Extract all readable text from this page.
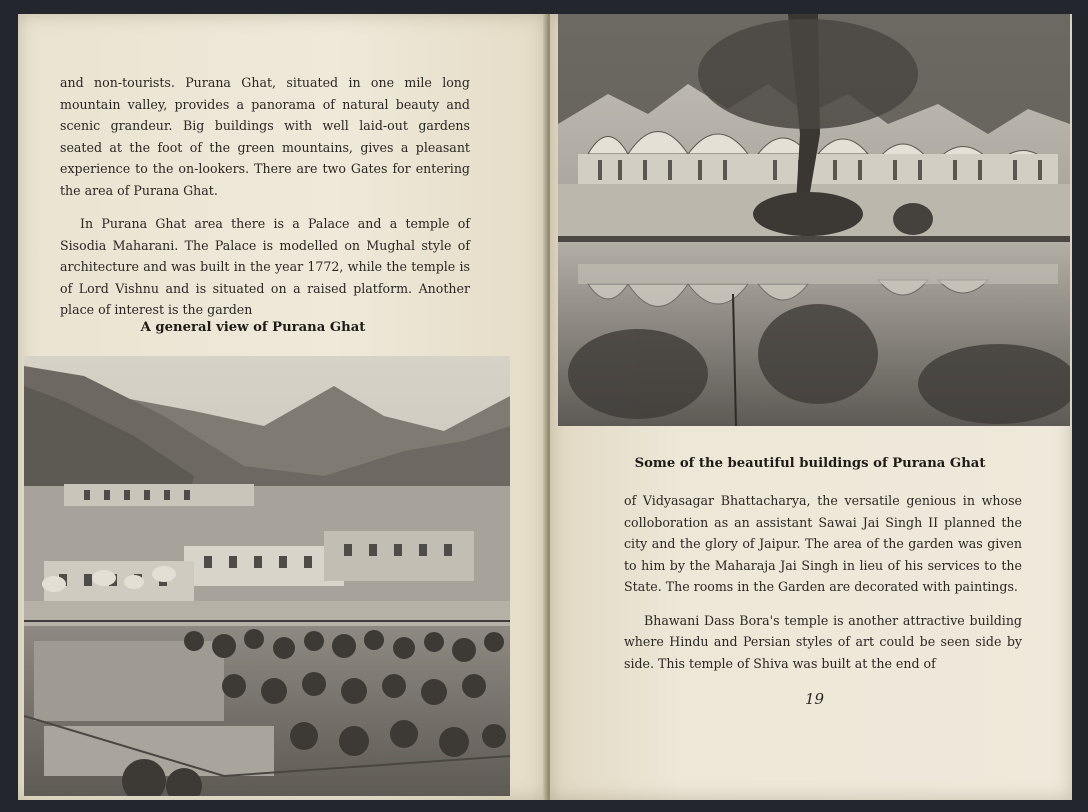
and non-tourists. Purana Ghat, situated in one mile long mountain valley, provides a panorama of natural beauty and scenic grandeur. Big buildings with well laid-out gardens seated at the foot of the green mountains, gives a pleasant experience to the on-lookers. There are two Gates for entering the area of Purana Ghat.

In Purana Ghat area there is a Palace and a temple of Sisodia Maharani. The Palace is modelled on Mughal style of architecture and was built in the year 1772, while the temple is of Lord Vishnu and is situated on a raised platform. Another place of interest is the garden

A general view of Purana Ghat
Some of the beautiful buildings of Purana Ghat

of Vidyasagar Bhattacharya, the versatile genious in whose colloboration as an assistant Sawai Jai Singh II planned the city and the glory of Jaipur. The area of the garden was given to him by the Maharaja Jai Singh in lieu of his services to the State. The rooms in the Garden are decorated with paintings.

Bhawani Dass Bora's temple is another attractive building where Hindu and Persian styles of art could be seen side by side. This temple of Shiva was built at the end of

19
